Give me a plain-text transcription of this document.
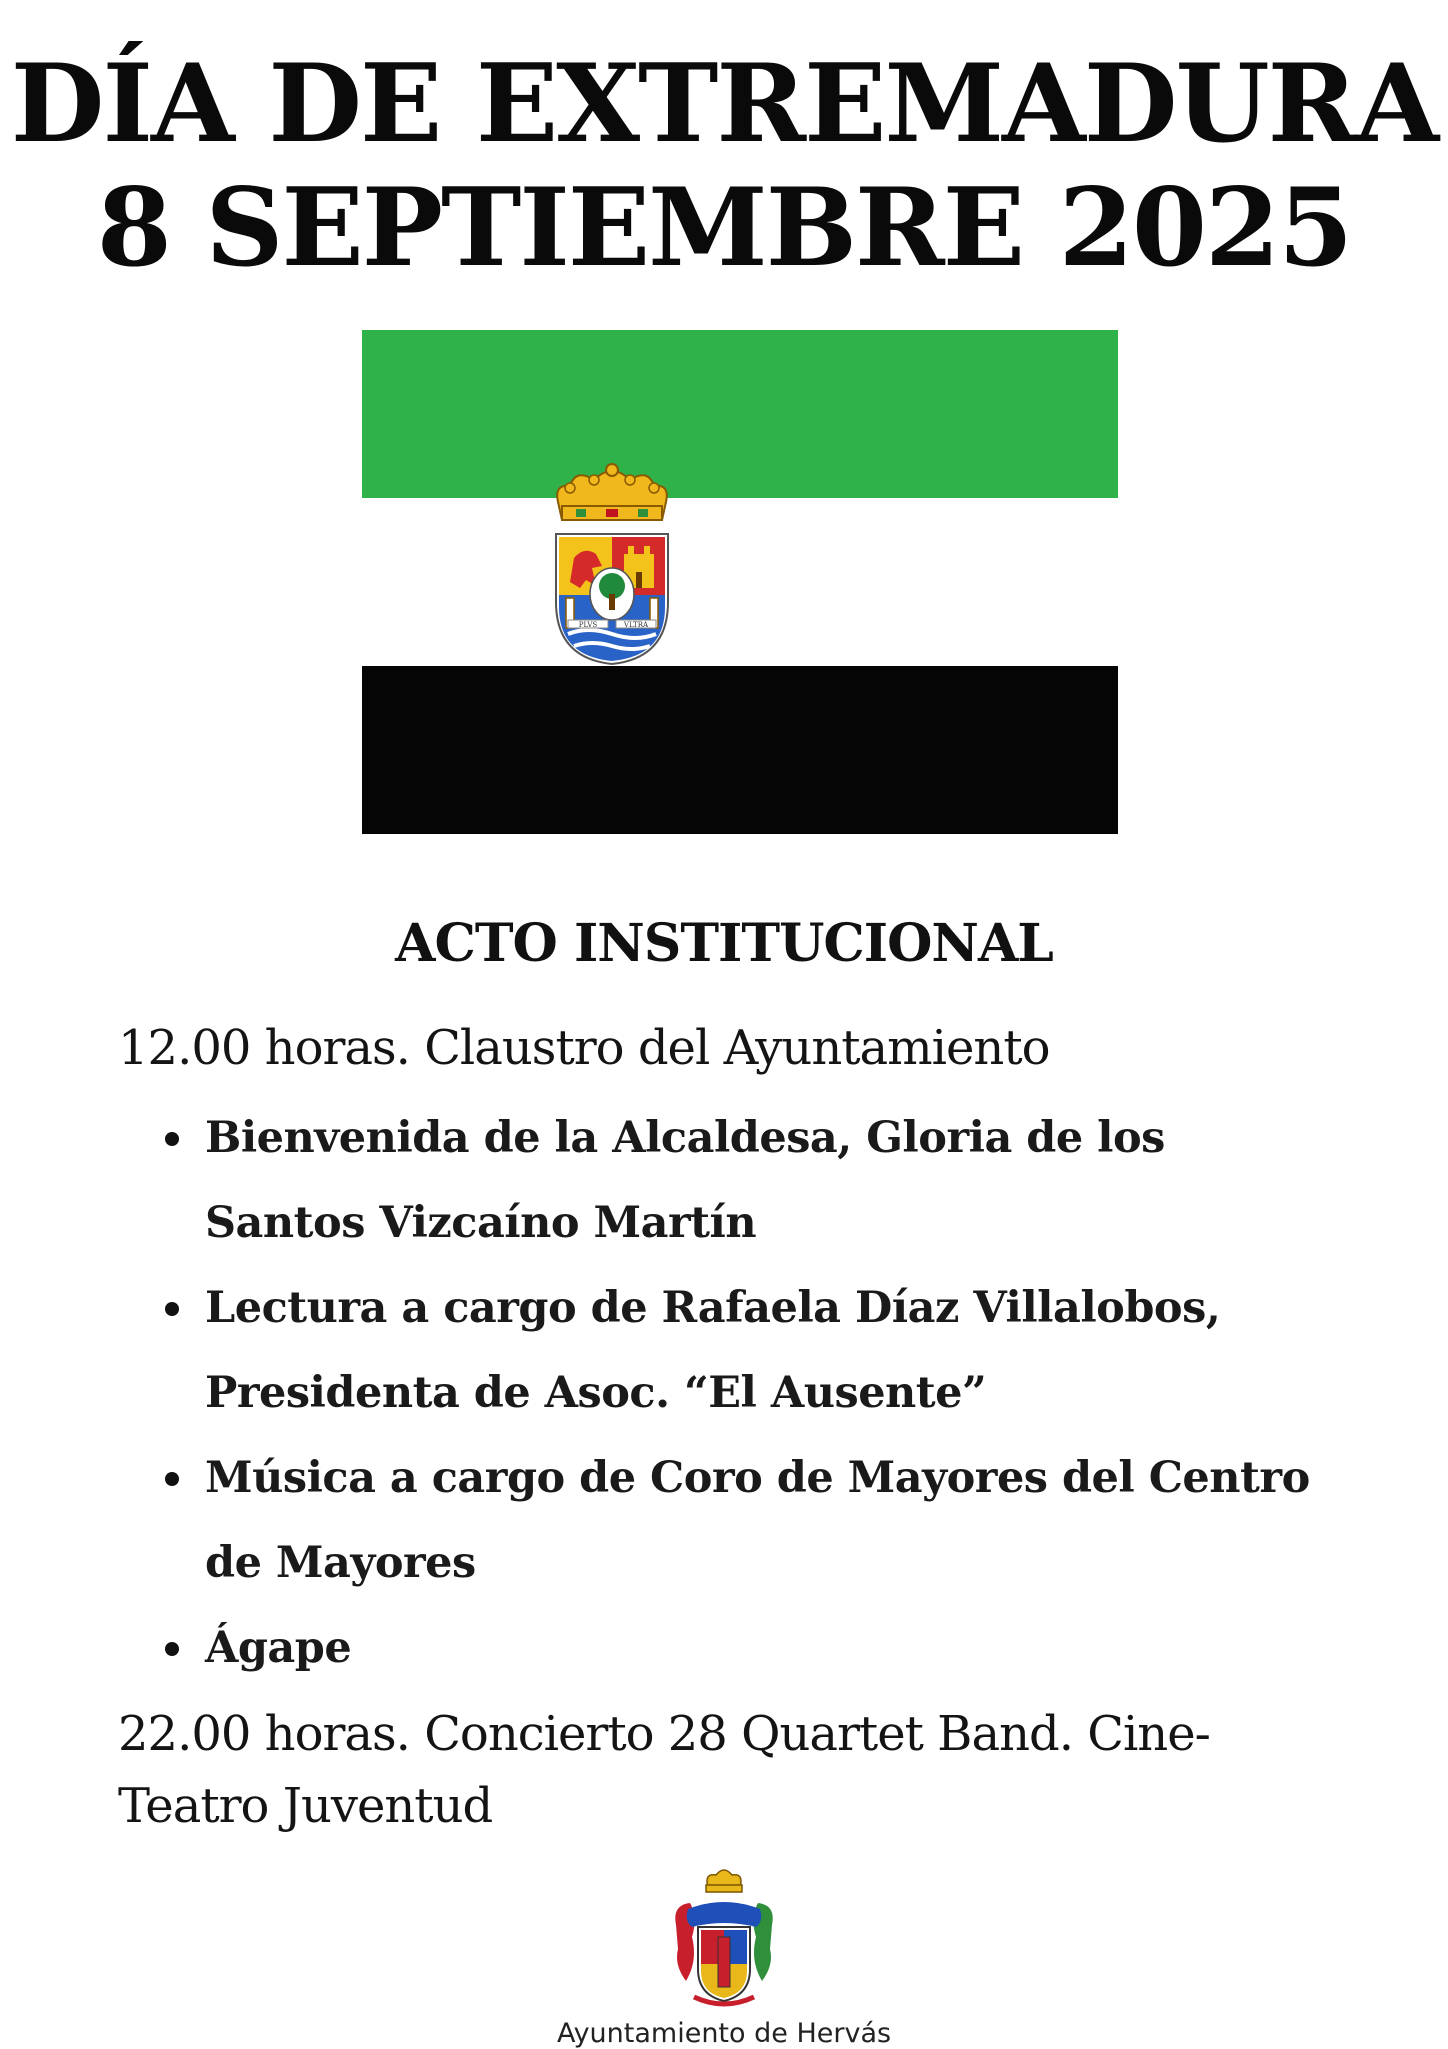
DÍA DE EXTREMADURA
8 SEPTIEMBRE 2025
PLVS	VLTRA
ACTO INSTITUCIONAL
12.00 horas. Claustro del Ayuntamiento
Bienvenida de la Alcaldesa, Gloria de los Santos Vizcaíno Martín
Lectura a cargo de Rafaela Díaz Villalobos, Presidenta de Asoc. “El Ausente”
Música a cargo de Coro de Mayores del Centro de Mayores
Ágape
22.00 horas. Concierto 28 Quartet Band. Cine-Teatro Juventud
Ayuntamiento de Hervás
